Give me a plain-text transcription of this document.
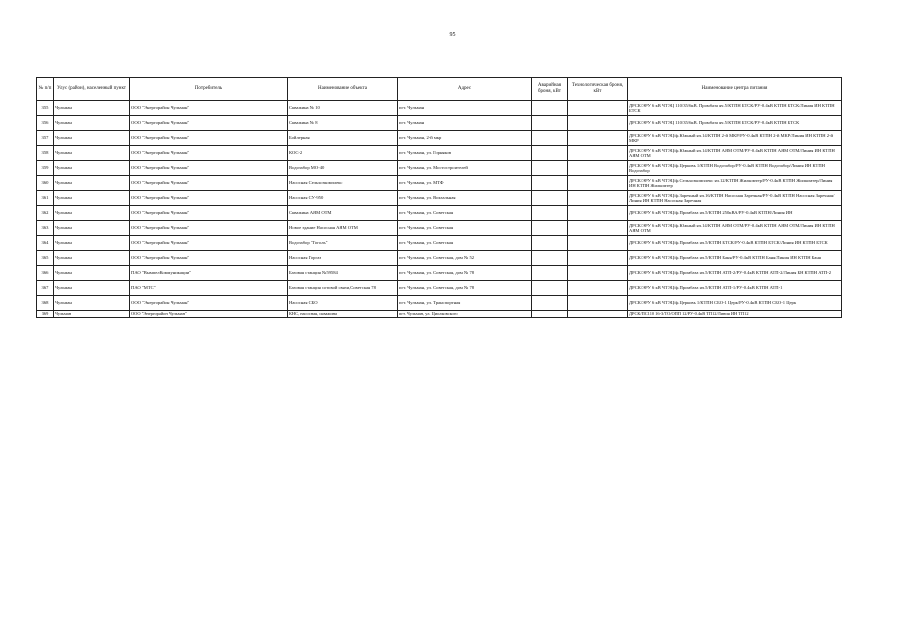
95
№ п/п	Улус (район), населенный пункт	Потребитель	Наименование объекта	Адрес	Аварийная броня, кВт	Технологическая броня, кВт	Наименование центра питания
355	Чульман	ООО "Энергорайон Чульман"	Скважина № 10	пгт. Чульман			ДРСК/ЭРУ 6 кВ ЧТЭЦ 110/35/6кВ. Промбаза яч.5/КТПН БТСК/РУ-0.4кВ КТПН БТСК/Линия ИН КТПН БТСК
356	Чульман	ООО "Энергорайон Чульман"	Скважина № 8	пгт. Чульман			ДРСК/ЭРУ 6 кВ ЧТЭЦ 110/35/6кВ. Промбаза яч.5/КТПН БТСК/РУ-0.4кВ КТПН БТСК
357	Чульман	ООО "Энергорайон Чульман"	Бойлерная	пгт. Чульман, 2-й мкр			ДРСК/ЭРУ 6 кВ ЧТЭЦ/ф.Южный яч.14/КТПН 2-й МКР/РУ-0.4кВ КТПН 2-й МКР/Линия ИН КТПН 2-й МКР
358	Чульман	ООО "Энергорайон Чульман"	КОС-2	пгт. Чульман, ул. Горняков			ДРСК/ЭРУ 6 кВ ЧТЭЦ/ф.Южный яч.14/КТПН АЯМ ОТМ/РУ-0.4кВ КТПН АЯМ ОТМ/Линия ИН КТПН АЯМ ОТМ
359	Чульман	ООО "Энергорайон Чульман"	Водозабор МО-40	пгт. Чульман, ул. Мостостроителей			ДРСК/ЭРУ 6 кВ ЧТЭЦ/ф.Церковь 1/КТПН Водозабор/РУ-0.4кВ КТПН Водозабор/Линия ИН КТПН Водозабор
360	Чульман	ООО "Энергорайон Чульман"	Насосная Сельхозкомплекс	пгт. Чульман, ул. МТФ			ДРСК/ЭРУ 6 кВ ЧТЭЦ/ф.Сельхозкомплекс яч.12/КТПН Жилкомтер/РУ-0.4кВ КТПН Жилкомтер/Линия ИН КТПН Жилкомтер
361	Чульман	ООО "Энергорайон Чульман"	Насосная СУ-950	пгт. Чульман, ул. Вокзальная			ДРСК/ЭРУ 6 кВ ЧТЭЦ/ф.Заречный яч.16/КТПН Насосная Заречная/РУ-0.4кВ КТПН Насосная Заречная/Линия ИН КТПН Насосная Заречная
362	Чульман	ООО "Энергорайон Чульман"	Скважина АЯМ ОТМ	пгт. Чульман, ул. Советская			ДРСК/ЭРУ 6 кВ ЧТЭЦ/ф.Промбаза яч.5/КТПН 250кВА/РУ-0.4кВ КТПН/Линия ИН
363	Чульман	ООО "Энергорайон Чульман"	Новое здание Насосная АЯМ ОТМ	пгт. Чульман, ул. Советская			ДРСК/ЭРУ 6 кВ ЧТЭЦ/ф.Южный яч.14/КТПН АЯМ ОТМ/РУ-0.4кВ КТПН АЯМ ОТМ/Линия ИН КТПН АЯМ ОТМ
364	Чульман	ООО "Энергорайон Чульман"	Водозабор "Гоголь"	пгт. Чульман, ул. Советская			ДРСК/ЭРУ 6 кВ ЧТЭЦ/ф.Промбаза яч.5/КТПН БТСК/РУ-0.4кВ КТПН БТСК/Линия ИН КТПН БТСК
365	Чульман	ООО "Энергорайон Чульман"	Насосная Горгаз	пгт. Чульман, ул. Советская, дом № 52			ДРСК/ЭРУ 6 кВ ЧТЭЦ/ф.Промбаза яч.5/КТПН Баня/РУ-0.4кВ КТПН Баня/Линия ИН КТПН Баня
366	Чульман	ПАО "ВымпелКоммуникации"	Базовая станция №59584	пгт. Чульман, ул. Советская, дом № 78			ДРСК/ЭРУ 6 кВ ЧТЭЦ/ф.Промбаза яч.5/КТПН АТП-2/РУ-0.4кВ КТПН АТП-2/Линия БН КТПН АТП-2
367	Чульман	ПАО "МТС"	Базовая станция сотовой связи,Советская 78	пгт. Чульман, ул. Советская, дом № 78			ДРСК/ЭРУ 6 кВ ЧТЭЦ/ф.Промбаза яч.5/КТПН АТП-1/РУ-0.4кВ КТПН АТП-1
368	Чульман	ООО "Энергорайон Чульман"	Насосная СБО	пгт. Чульман, ул. Транспортная			ДРСК/ЭРУ 6 кВ ЧТЭЦ/ф.Церковь 1/КТПН СБО-1 Церк/РУ-0.4кВ КТПН СБО-1 Церк
369	Чульман	ООО "Энергорайон Чульман"	КНС, насосная, скважина	пгт. Чульман, ул. Циолковского			ДРСК/ПС110 16-3/ТО/ОПП 12/РУ-0.4кВ ТП12/Линия ИН ТП12
